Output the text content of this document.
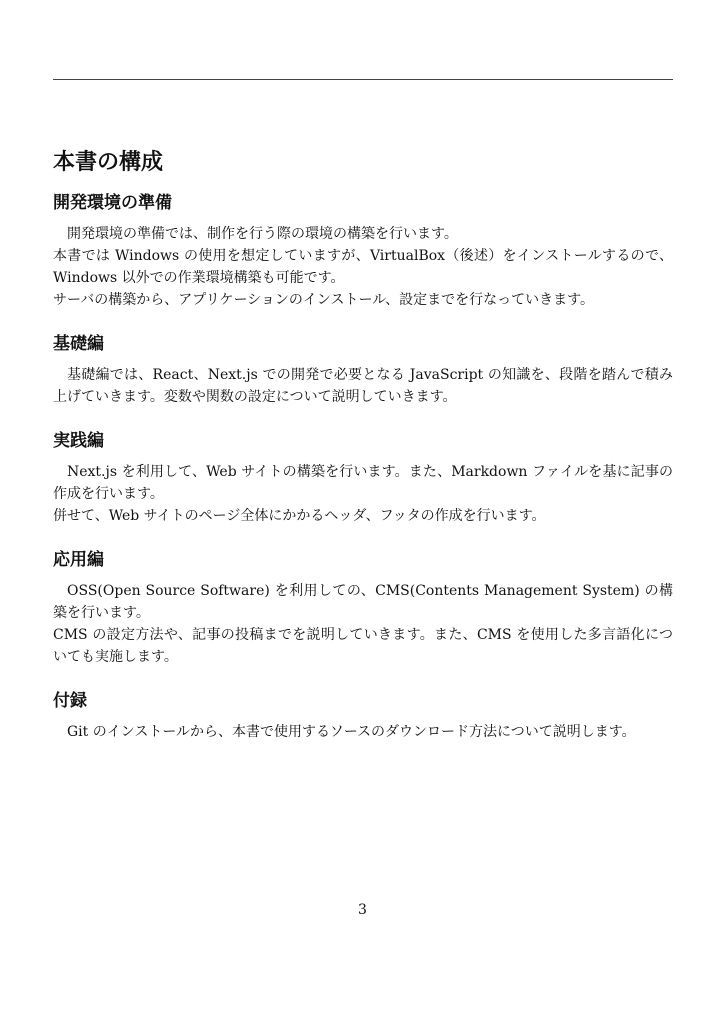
本書の構成
開発環境の準備

開発環境の準備では、制作を行う際の環境の構築を行います。

本書では Windows の使用を想定していますが、VirtualBox（後述）をインストールするので、Windows 以外での作業環境構築も可能です。

サーバの構築から、アプリケーションのインストール、設定までを行なっていきます。

基礎編

基礎編では、React、Next.js での開発で必要となる JavaScript の知識を、段階を踏んで積み上げていきます。変数や関数の設定について説明していきます。

実践編

Next.js を利用して、Web サイトの構築を行います。また、Markdown ファイルを基に記事の作成を行います。

併せて、Web サイトのページ全体にかかるヘッダ、フッタの作成を行います。

応用編

OSS(Open Source Software) を利用しての、CMS(Contents Management System) の構築を行います。

CMS の設定方法や、記事の投稿までを説明していきます。また、CMS を使用した多言語化についても実施します。

付録

Git のインストールから、本書で使用するソースのダウンロード方法について説明します。

3
